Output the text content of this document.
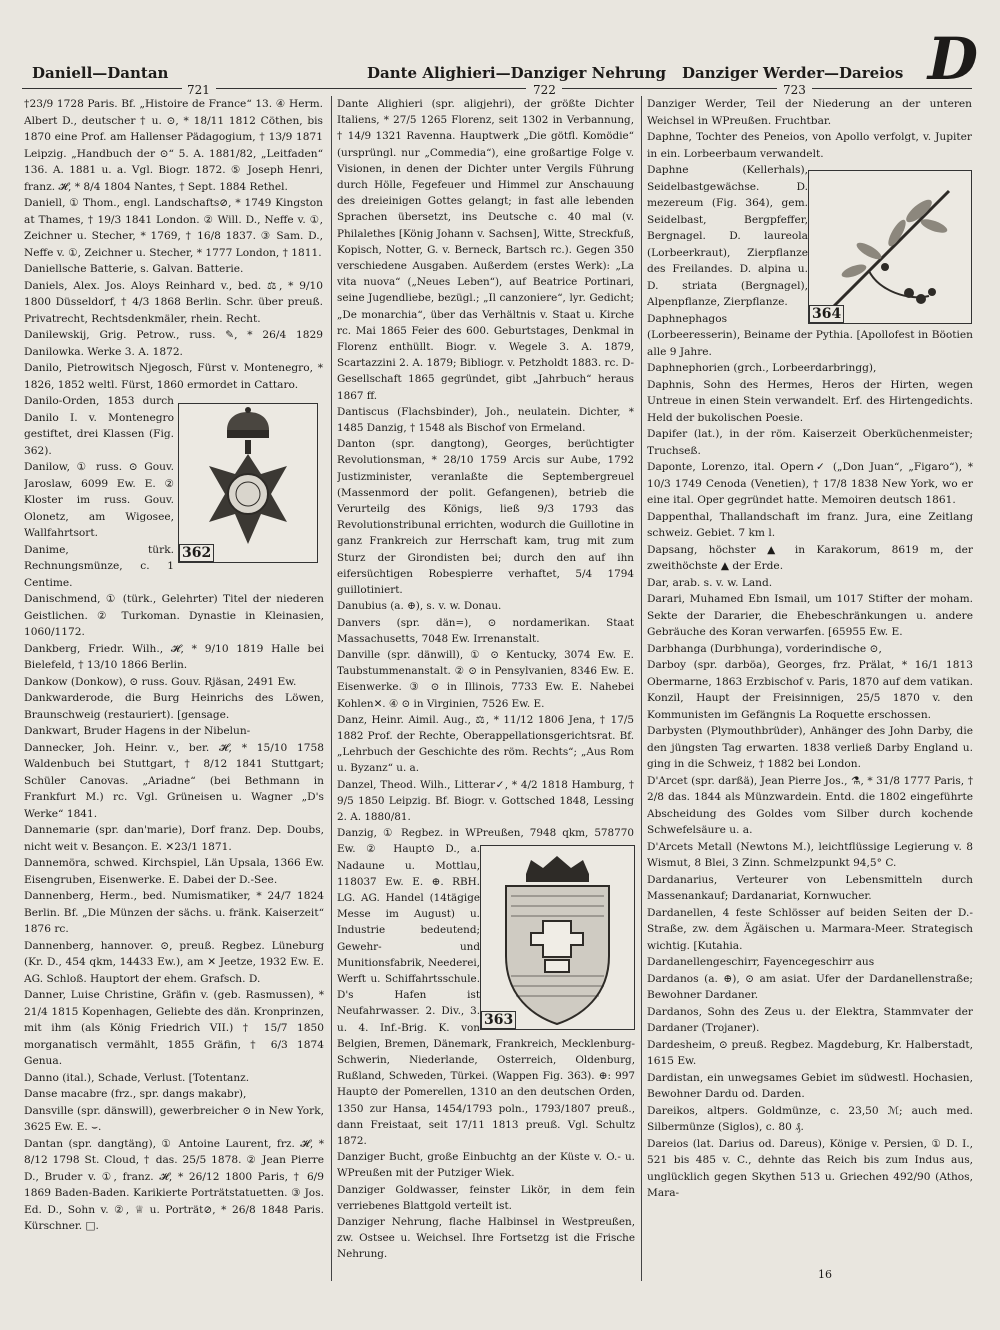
Daniell—Dantan	Dante Alighieri—Danziger Nehrung Danziger Werder—Dareios D
721	722	723

†23/9 1728 Paris. Bf. „Histoire de France“ 13. ④ Herm. Albert D., deutscher † u. ⊙, * 18/11 1812 Cöthen, bis 1870 eine Prof. am Hallenser Pädagogium, † 13/9 1871 Leipzig. „Handbuch der ⊙“ 5. A. 1881/82, „Leitfaden“ 136. A. 1881 u. a. Vgl. Biogr. 1872. ⑤ Joseph Henri, franz. 𝓗, * 8/4 1804 Nantes, † Sept. 1884 Rethel.

Daniell, ① Thom., engl. Landschafts⊘, * 1749 Kingston at Thames, † 19/3 1841 London. ② Will. D., Neffe v. ①, Zeichner u. Stecher, * 1769, † 16/8 1837. ③ Sam. D., Neffe v. ①, Zeichner u. Stecher, * 1777 London, † 1811.

Daniellsche Batterie, s. Galvan. Batterie.

Daniels, Alex. Jos. Aloys Reinhard v., bed. ⚖, * 9/10 1800 Düsseldorf, † 4/3 1868 Berlin. Schr. über preuß. Privatrecht, Rechtsdenkmäler, rhein. Recht.

Danilewskij, Grig. Petrow., russ. ✎, * 26/4 1829 Danilowka. Werke 3. A. 1872.

Danilo, Pietrowitsch Njegosch, Fürst v. Montenegro, * 1826, 1852 weltl. Fürst, 1860 ermordet in Cattaro.

Danilo-Orden, 1853 durch Danilo I. v. Montenegro gestiftet, drei Klassen (Fig. 362).

Danilow, ① russ. ⊙ Gouv. Jaroslaw, 6099 Ew. E. ② Kloster im russ. Gouv. Olonetz, am Wigosee, Wallfahrtsort.

Danime, türk. Rechnungsmünze, c. 1 Centime.

Danischmend, ① (türk., Gelehrter) Titel der niederen Geistlichen. ② Turkoman. Dynastie in Kleinasien, 1060/1172.

Dankberg, Friedr. Wilh., 𝓗, * 9/10 1819 Halle bei Bielefeld, † 13/10 1866 Berlin.

Dankow (Donkow), ⊙ russ. Gouv. Rjäsan, 2491 Ew.

Dankwarderode, die Burg Heinrichs des Löwen, Braunschweig (restauriert). [gensage.

Dankwart, Bruder Hagens in der Nibelun-

Dannecker, Joh. Heinr. v., ber. 𝓗, * 15/10 1758 Waldenbuch bei Stuttgart, † 8/12 1841 Stuttgart; Schüler Canovas. „Ariadne“ (bei Bethmann in Frankfurt M.) rc. Vgl. Grüneisen u. Wagner „D's Werke“ 1841.

Dannemarie (spr. dan'marie), Dorf franz. Dep. Doubs, nicht weit v. Besançon. E. ✕23/1 1871.

Dannemöra, schwed. Kirchspiel, Län Upsala, 1366 Ew. Eisengruben, Eisenwerke. E. Dabei der D.-See.

Dannenberg, Herm., bed. Numismatiker, * 24/7 1824 Berlin. Bf. „Die Münzen der sächs. u. fränk. Kaiserzeit“ 1876 rc.

Dannenberg, hannover. ⊙, preuß. Regbez. Lüneburg (Kr. D., 454 qkm, 14433 Ew.), am ✕ Jeetze, 1932 Ew. E. AG. Schloß. Hauptort der ehem. Grafsch. D.

Danner, Luise Christine, Gräfin v. (geb. Rasmussen), * 21/4 1815 Kopenhagen, Geliebte des dän. Kronprinzen, mit ihm (als König Friedrich VII.) † 15/7 1850 morganatisch vermählt, 1855 Gräfin, † 6/3 1874 Genua.

Danno (ital.), Schade, Verlust. [Totentanz.

Danse macabre (frz., spr. dangs makabr),

Dansville (spr. dänswill), gewerbreicher ⊙ in New York, 3625 Ew. E. ⌣.

Dantan (spr. dangtäng), ① Antoine Laurent, frz. 𝓗, * 8/12 1798 St. Cloud, † das. 25/5 1878. ② Jean Pierre D., Bruder v. ①, franz. 𝓗, * 26/12 1800 Paris, † 6/9 1869 Baden-Baden. Karikierte Porträtstatuetten. ③ Jos. Ed. D., Sohn v. ②, ♕ u. Porträt⊘, * 26/8 1848 Paris. Kürschner. □.

Dante Alighieri (spr. aligjehri), der größte Dichter Italiens, * 27/5 1265 Florenz, seit 1302 in Verbannung, † 14/9 1321 Ravenna. Hauptwerk „Die götfl. Komödie“ (ursprüngl. nur „Commedia“), eine großartige Folge v. Visionen, in denen der Dichter unter Vergils Führung durch Hölle, Fegefeuer und Himmel zur Anschauung des dreieinigen Gottes gelangt; in fast alle lebenden Sprachen übersetzt, ins Deutsche c. 40 mal (v. Philalethes [König Johann v. Sachsen], Witte, Streckfuß, Kopisch, Notter, G. v. Berneck, Bartsch rc.). Gegen 350 verschiedene Ausgaben. Außerdem (erstes Werk): „La vita nuova“ („Neues Leben“), auf Beatrice Portinari, seine Jugendliebe, bezügl.; „Il canzoniere“, lyr. Gedicht; „De monarchia“, über das Verhältnis v. Staat u. Kirche rc. Mai 1865 Feier des 600. Geburtstages, Denkmal in Florenz enthüllt. Biogr. v. Wegele 3. A. 1879, Scartazzini 2. A. 1879; Bibliogr. v. Petzholdt 1883. rc. D-Gesellschaft 1865 gegründet, gibt „Jahrbuch“ heraus 1867 ff.

Dantiscus (Flachsbinder), Joh., neulatein. Dichter, * 1485 Danzig, † 1548 als Bischof von Ermeland.

Danton (spr. dangtong), Georges, berüchtigter Revolutionsman, * 28/10 1759 Arcis sur Aube, 1792 Justizminister, veranlaßte die Septembergreuel (Massenmord der polit. Gefangenen), betrieb die Verurteilg des Königs, ließ 9/3 1793 das Revolutionstribunal errichten, wodurch die Guillotine in ganz Frankreich zur Herrschaft kam, trug mit zum Sturz der Girondisten bei; durch den auf ihn eifersüchtigen Robespierre verhaftet, 5/4 1794 guillotiniert.

Danubius (a. ⊕), s. v. w. Donau.

Danvers (spr. dän=), ⊙ nordamerikan. Staat Massachusetts, 7048 Ew. Irrenanstalt.

Danville (spr. dänwill), ① ⊙ Kentucky, 3074 Ew. E. Taubstummenanstalt. ② ⊙ in Pensylvanien, 8346 Ew. E. Eisenwerke. ③ ⊙ in Illinois, 7733 Ew. E. Nahebei Kohlen✕. ④ ⊙ in Virginien, 7526 Ew. E.

Danz, Heinr. Aimil. Aug., ⚖, * 11/12 1806 Jena, † 17/5 1882 Prof. der Rechte, Oberappellationsgerichtsrat. Bf. „Lehrbuch der Geschichte des röm. Rechts“; „Aus Rom u. Byzanz“ u. a.

Danzel, Theod. Wilh., Litterar✓, * 4/2 1818 Hamburg, † 9/5 1850 Leipzig. Bf. Biogr. v. Gottsched 1848, Lessing 2. A. 1880/81.

Danzig, ① Regbez. in WPreußen, 7948 qkm, 578770 Ew. ② Haupt⊙ D., a. Nadaune u. Mottlau, 118037 Ew. E. ⊕. RBH. LG. AG. Handel (14tägige Messe im August) u. Industrie bedeutend; Gewehr- und Munitionsfabrik, Neederei, Werft u. Schiffahrtsschule. D's Hafen ist Neufahrwasser. 2. Div., 3. u. 4. Inf.-Brig. K. von Belgien, Bremen, Dänemark, Frankreich, Mecklenburg-Schwerin, Niederlande, Osterreich, Oldenburg, Rußland, Schweden, Türkei. (Wappen Fig. 363). ⊕: 997 Haupt⊙ der Pomerellen, 1310 an den deutschen Orden, 1350 zur Hansa, 1454/1793 poln., 1793/1807 preuß., dann Freistaat, seit 17/11 1813 preuß. Vgl. Schultz 1872.

Danziger Bucht, große Einbuchtg an der Küste v. O.- u. WPreußen mit der Putziger Wiek.

Danziger Goldwasser, feinster Likör, in dem fein verriebenes Blattgold verteilt ist.

Danziger Nehrung, flache Halbinsel in Westpreußen, zw. Ostsee u. Weichsel. Ihre Fortsetzg ist die Frische Nehrung.

Danziger Werder, Teil der Niederung an der unteren Weichsel in WPreußen. Fruchtbar.

Daphne, Tochter des Peneios, von Apollo verfolgt, v. Jupiter in ein. Lorbeerbaum verwandelt.

Daphne (Kellerhals), Seidelbastgewächse. D. mezereum (Fig. 364), gem. Seidelbast, Bergpfeffer, Bergnagel. D. laureola (Lorbeerkraut), Zierpflanze des Freilandes. D. alpina u. D. striata (Bergnagel), Alpenpflanze, Zierpflanze.

Daphnephagos (Lorbeeresserin), Beiname der Pythia. [Apollofest in Böotien alle 9 Jahre.

Daphnephorien (grch., Lorbeerdarbringg),

Daphnis, Sohn des Hermes, Heros der Hirten, wegen Untreue in einen Stein verwandelt. Erf. des Hirtengedichts. Held der bukolischen Poesie.

Dapifer (lat.), in der röm. Kaiserzeit Oberküchenmeister; Truchseß.

Daponte, Lorenzo, ital. Opern✓ („Don Juan“, „Figaro“), * 10/3 1749 Cenoda (Venetien), † 17/8 1838 New York, wo er eine ital. Oper gegründet hatte. Memoiren deutsch 1861.

Dappenthal, Thallandschaft im franz. Jura, eine Zeitlang schweiz. Gebiet. 7 km l.

Dapsang, höchster ▲ in Karakorum, 8619 m, der zweithöchste ▲ der Erde.

Dar, arab. s. v. w. Land.

Darari, Muhamed Ebn Ismail, um 1017 Stifter der moham. Sekte der Dararier, die Ehebeschränkungen u. andere Gebräuche des Koran verwarfen. [65955 Ew. E.

Darbhanga (Durbhunga), vorderindische ⊙,

Darboy (spr. darböa), Georges, frz. Prälat, * 16/1 1813 Obermarne, 1863 Erzbischof v. Paris, 1870 auf dem vatikan. Konzil, Haupt der Freisinnigen, 25/5 1870 v. den Kommunisten im Gefängnis La Roquette erschossen.

Darbysten (Plymouthbrüder), Anhänger des John Darby, die den jüngsten Tag erwarten. 1838 verließ Darby England u. ging in die Schweiz, † 1882 bei London.

D'Arcet (spr. darßä), Jean Pierre Jos., ⚗, * 31/8 1777 Paris, † 2/8 das. 1844 als Münzwardein. Entd. die 1802 eingeführte Abscheidung des Goldes vom Silber durch kochende Schwefelsäure u. a.

D'Arcets Metall (Newtons M.), leichtflüssige Legierung v. 8 Wismut, 8 Blei, 3 Zinn. Schmelzpunkt 94,5° C.

Dardanarius, Verteurer von Lebensmitteln durch Massenankauf; Dardanariat, Kornwucher.

Dardanellen, 4 feste Schlösser auf beiden Seiten der D.-Straße, zw. dem Ägäischen u. Marmara-Meer. Strategisch wichtig. [Kutahia.

Dardanellengeschirr, Fayencegeschirr aus

Dardanos (a. ⊕), ⊙ am asiat. Ufer der Dardanellenstraße; Bewohner Dardaner.

Dardanos, Sohn des Zeus u. der Elektra, Stammvater der Dardaner (Trojaner).

Dardesheim, ⊙ preuß. Regbez. Magdeburg, Kr. Halberstadt, 1615 Ew.

Dardistan, ein unwegsames Gebiet im südwestl. Hochasien, Bewohner Dardu od. Darden.

Dareikos, altpers. Goldmünze, c. 23,50 ℳ; auch med. Silbermünze (Siglos), c. 80 ₰.

Dareios (lat. Darius od. Dareus), Könige v. Persien, ① D. I., 521 bis 485 v. C., dehnte das Reich bis zum Indus aus, unglücklich gegen Skythen 513 u. Griechen 492/90 (Athos, Mara-

362
363
364
16
